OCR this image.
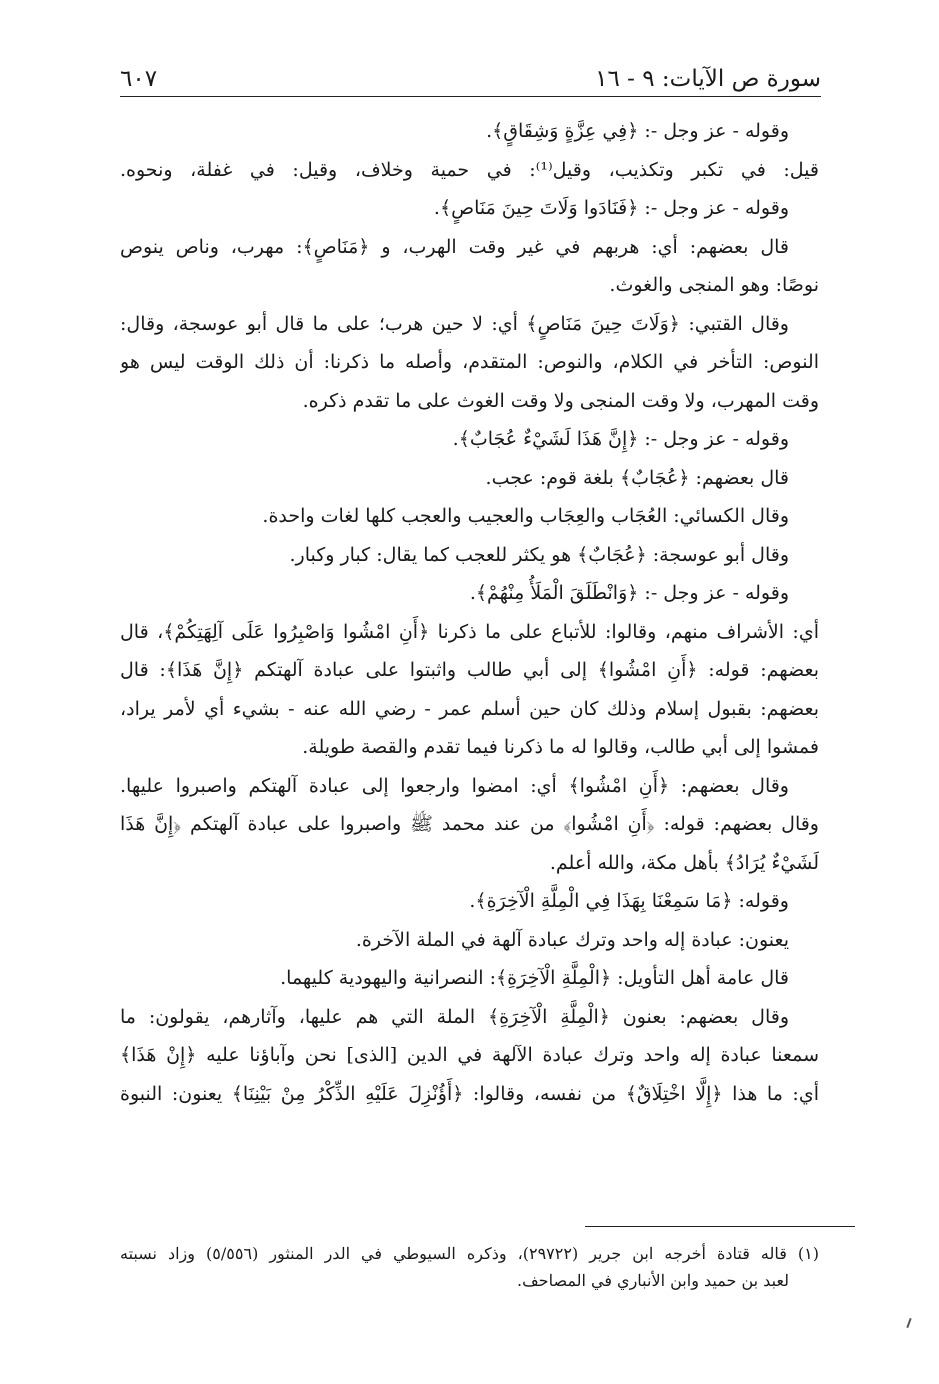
سورة ص الآيات: ٩ - ١٦
٦٠٧
وقوله - عز وجل -: ﴿فِي عِزَّةٍ وَشِقَاقٍ﴾.
قيل: في تكبر وتكذيب، وقيل⁽¹⁾: في حمية وخلاف، وقيل: في غفلة، ونحوه.
وقوله - عز وجل -: ﴿فَنَادَوا وَلَاتَ حِينَ مَنَاصٍ﴾.
قال بعضهم: أي: هربهم في غير وقت الهرب، و ﴿مَنَاصٍ﴾: مهرب، وناص ينوص
نوصًا: وهو المنجى والغوث.
وقال القتبي: ﴿وَلَاتَ حِينَ مَنَاصٍ﴾ أي: لا حين هرب؛ على ما قال أبو عوسجة، وقال:
النوص: التأخر في الكلام، والنوص: المتقدم، وأصله ما ذكرنا: أن ذلك الوقت ليس هو
وقت المهرب، ولا وقت المنجى ولا وقت الغوث على ما تقدم ذكره.
وقوله - عز وجل -: ﴿إِنَّ هَذَا لَشَيْءٌ عُجَابٌ﴾.
قال بعضهم: ﴿عُجَابٌ﴾ بلغة قوم: عجب.
وقال الكسائي: العُجَاب والعِجَاب والعجيب والعجب كلها لغات واحدة.
وقال أبو عوسجة: ﴿عُجَابٌ﴾ هو يكثر للعجب كما يقال: كبار وكبار.
وقوله - عز وجل -: ﴿وَانْطَلَقَ الْمَلَأُ مِنْهُمْ﴾.
أي: الأشراف منهم، وقالوا: للأتباع على ما ذكرنا ﴿أَنِ امْشُوا وَاصْبِرُوا عَلَى آلِهَتِكُمْ﴾، قال
بعضهم: قوله: ﴿أَنِ امْشُوا﴾ إلى أبي طالب واثبتوا على عبادة آلهتكم ﴿إِنَّ هَذَا﴾: قال
بعضهم: بقبول إسلام وذلك كان حين أسلم عمر - رضي الله عنه - بشيء أي لأمر يراد،
فمشوا إلى أبي طالب، وقالوا له ما ذكرنا فيما تقدم والقصة طويلة.
وقال بعضهم: ﴿أَنِ امْشُوا﴾ أي: امضوا وارجعوا إلى عبادة آلهتكم واصبروا عليها.
وقال بعضهم: قوله: ﴿أَنِ امْشُوا﴾ من عند محمد ﷺ واصبروا على عبادة آلهتكم ﴿إِنَّ هَذَا
لَشَيْءٌ يُرَادُ﴾ بأهل مكة، والله أعلم.
وقوله: ﴿مَا سَمِعْنَا بِهَذَا فِي الْمِلَّةِ الْآخِرَةِ﴾.
يعنون: عبادة إله واحد وترك عبادة آلهة في الملة الآخرة.
قال عامة أهل التأويل: ﴿الْمِلَّةِ الْآخِرَةِ﴾: النصرانية واليهودية كليهما.
وقال بعضهم: بعنون ﴿الْمِلَّةِ الْآخِرَةِ﴾ الملة التي هم عليها، وآثارهم، يقولون: ما
سمعنا عبادة إله واحد وترك عبادة الآلهة في الدين [الذى] نحن وآباؤنا عليه ﴿إِنْ هَذَا﴾
أي: ما هذا ﴿إِلَّا اخْتِلَاقٌ﴾ من نفسه، وقالوا: ﴿أَؤُنْزِلَ عَلَيْهِ الذِّكْرُ مِنْ بَيْنِنَا﴾ يعنون: النبوة
(١) قاله قتادة أخرجه ابن جرير (٢٩٧٢٢)، وذكره السيوطي في الدر المنثور (٥/٥٥٦) وزاد نسبته
لعبد بن حميد وابن الأنباري في المصاحف.
